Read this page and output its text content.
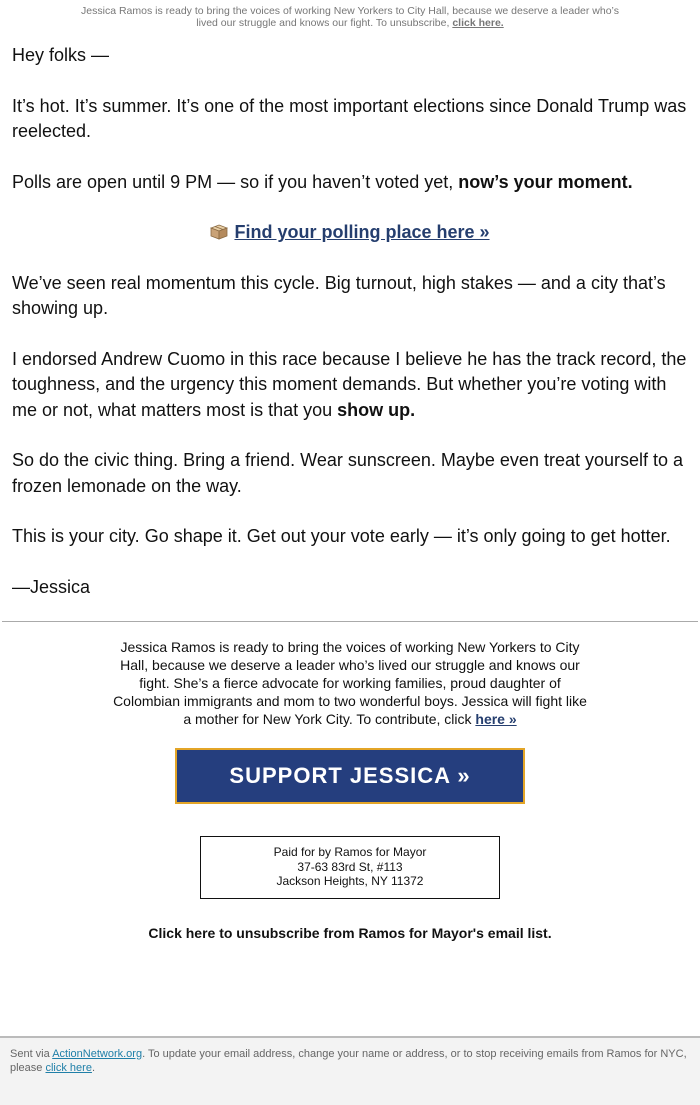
Jessica Ramos is ready to bring the voices of working New Yorkers to City Hall, because we deserve a leader who’s lived our struggle and knows our fight. To unsubscribe, click here.

Hey folks —

It’s hot. It’s summer. It’s one of the most important elections since Donald Trump was reelected.

Polls are open until 9 PM — so if you haven’t voted yet, now’s your moment.

Find your polling place here »

We’ve seen real momentum this cycle. Big turnout, high stakes — and a city that’s showing up.

I endorsed Andrew Cuomo in this race because I believe he has the track record, the toughness, and the urgency this moment demands. But whether you’re voting with me or not, what matters most is that you show up.

So do the civic thing. Bring a friend. Wear sunscreen. Maybe even treat yourself to a frozen lemonade on the way.

This is your city. Go shape it. Get out your vote early — it’s only going to get hotter.

—Jessica

Jessica Ramos is ready to bring the voices of working New Yorkers to City Hall, because we deserve a leader who’s lived our struggle and knows our fight. She’s a fierce advocate for working families, proud daughter of Colombian immigrants and mom to two wonderful boys. Jessica will fight like a mother for New York City. To contribute, click here »
SUPPORT JESSICA »
Paid for by Ramos for Mayor
37-63 83rd St, #113
Jackson Heights, NY 11372
Click here to unsubscribe from Ramos for Mayor's email list.
Sent via ActionNetwork.org. To update your email address, change your name or address, or to stop receiving emails from Ramos for NYC, please click here.
